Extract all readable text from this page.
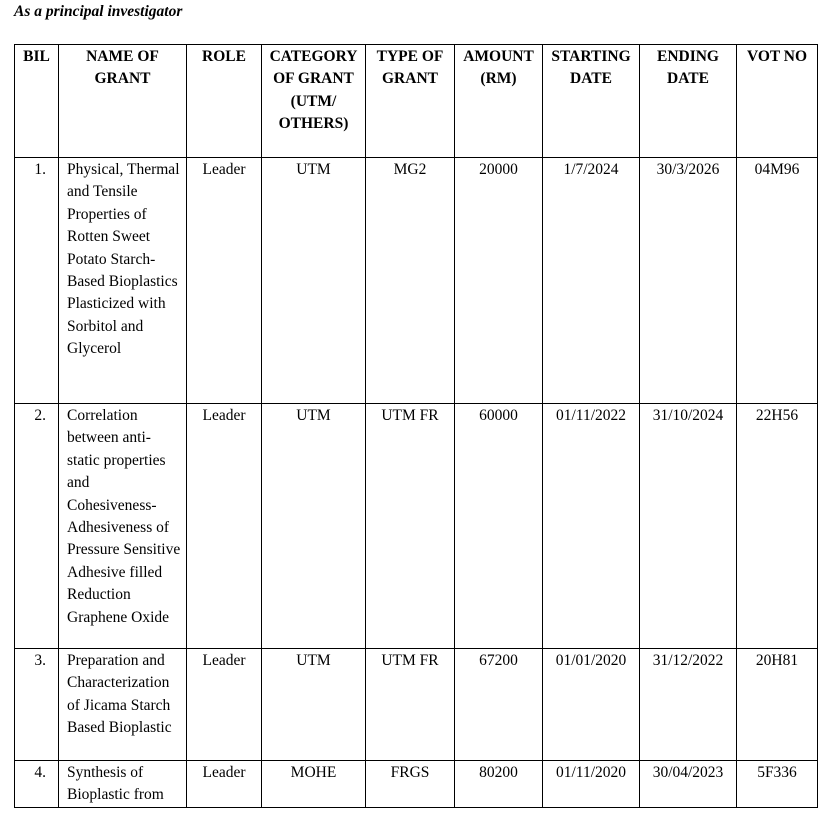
As a principal investigator
BIL	NAME OF GRANT	ROLE	CATEGORY OF GRANT (UTM/ OTHERS)	TYPE OF GRANT	AMOUNT (RM)	STARTING DATE	ENDING DATE	VOT NO
1.	Physical, Thermal and Tensile Properties of Rotten Sweet Potato Starch-Based Bioplastics Plasticized with Sorbitol and Glycerol	Leader	UTM	MG2	20000	1/7/2024	30/3/2026	04M96
2.	Correlation between anti-static properties and Cohesiveness-Adhesiveness of Pressure Sensitive Adhesive filled Reduction Graphene Oxide	Leader	UTM	UTM FR	60000	01/11/2022	31/10/2024	22H56
3.	Preparation and Characterization of Jicama Starch Based Bioplastic	Leader	UTM	UTM FR	67200	01/01/2020	31/12/2022	20H81
4.	Synthesis of Bioplastic from	Leader	MOHE	FRGS	80200	01/11/2020	30/04/2023	5F336
